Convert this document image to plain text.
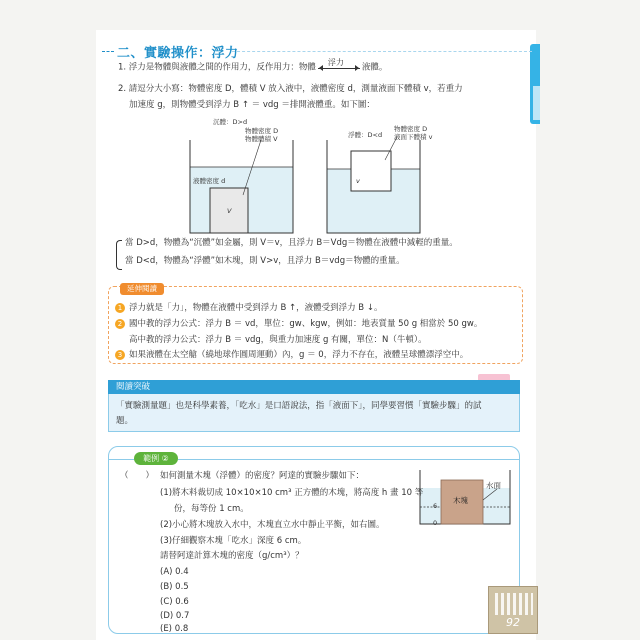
二、實驗操作：浮力
1. 浮力是物體與液體之間的作用力，反作用力：物體 浮力 液體。
2. 請逗分大小寫：物體密度 D，體積 V 放入液中，液體密度 d，測量液面下體積 v，若重力
加速度 g，則物體受到浮力 B ↑ ＝ vdg ＝排開液體重。如下圖：
沉體：D>d
物體密度 D
物體體積 V
液體密度 d
V
浮體：D<d
物體密度 D
液面下體積 v
v
當 D>d，物體為“沉體”如金屬，則 V＝v，且浮力 B＝Vdg＝物體在液體中減輕的重量。
當 D<d，物體為“浮體”如木塊，則 V>v，且浮力 B＝vdg＝物體的重量。
延伸閱讀
1 浮力就是「力」，物體在液體中受到浮力 B ↑，液體受到浮力 B ↓。
2 國中教的浮力公式：浮力 B ＝ vd，單位：gw、kgw，例如：地表質量 50 g 相當於 50 gw。
高中教的浮力公式：浮力 B ＝ vdg，與重力加速度 g 有關，單位：N（牛頓）。
3 如果液體在太空艙（繞地球作圓周運動）內，g ＝ 0，浮力不存在，液體呈球體漂浮空中。
閱讀突破
「實驗測量題」也是科學素養，「吃水」是口語說法，指「液面下」，同學要習慣「實驗步驟」的試
題。
範例 ②
（　　） 如何測量木塊（浮體）的密度？阿達的實驗步驟如下：
(1)將木料裁切成 10×10×10 cm³ 正方體的木塊，將高度 h 畫 10 等
份，每等份 1 cm。
(2)小心將木塊放入水中，木塊直立水中靜止平衡，如右圖。
(3)仔細觀察木塊「吃水」深度 6 cm。
請替阿達計算木塊的密度（g/cm³）？
(A) 0.4
(B) 0.5
(C) 0.6
(D) 0.7
(E) 0.8
水面
木塊
6
0
92
